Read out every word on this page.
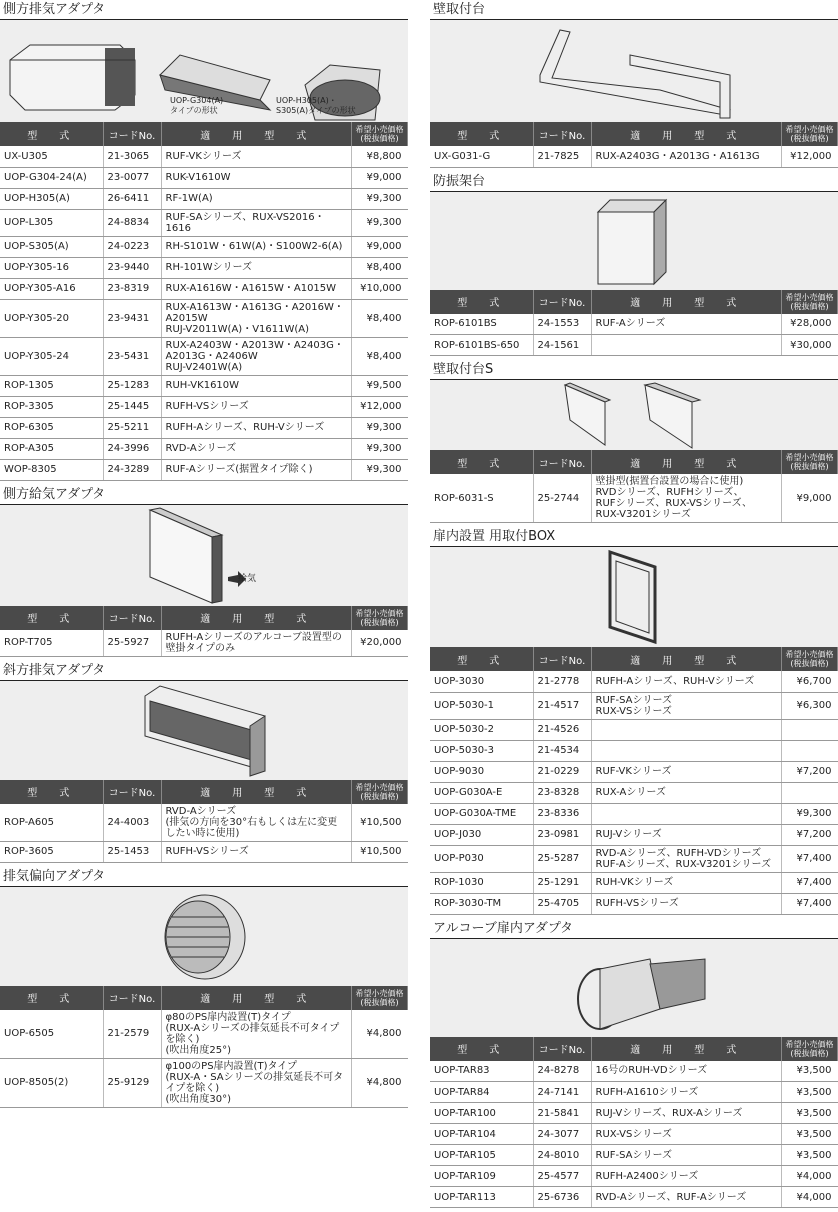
側方排気アダプタ
UOP-G304(A)
タイプの形状
UOP-H305(A)・
S305(A)タイプの形状
型　式	コードNo.	適　用　型　式	希望小売価格
(税抜価格)

UX-U305	21-3065	RUF-VKシリーズ	¥8,800
UOP-G304-24(A)	23-0077	RUK-V1610W	¥9,000
UOP-H305(A)	26-6411	RF-1W(A)	¥9,300
UOP-L305	24-8834	RUF-SAシリーズ、RUX-VS2016・1616	¥9,300
UOP-S305(A)	24-0223	RH-S101W・61W(A)・S100W2-6(A)	¥9,000
UOP-Y305-16	23-9440	RH-101Wシリーズ	¥8,400
UOP-Y305-A16	23-8319	RUX-A1616W・A1615W・A1015W	¥10,000
UOP-Y305-20	23-9431	RUX-A1613W・A1613G・A2016W・
A2015W
RUJ-V2011W(A)・V1611W(A)	¥8,400
UOP-Y305-24	23-5431	RUX-A2403W・A2013W・A2403G・
A2013G・A2406W
RUJ-V2401W(A)	¥8,400
ROP-1305	25-1283	RUH-VK1610W	¥9,500
ROP-3305	25-1445	RUFH-VSシリーズ	¥12,000
ROP-6305	25-5211	RUFH-Aシリーズ、RUH-Vシリーズ	¥9,300
ROP-A305	24-3996	RVD-Aシリーズ	¥9,300
WOP-8305	24-3289	RUF-Aシリーズ(据置タイプ除く)	¥9,300
側方給気アダプタ
給気
型　式	コードNo.	適　用　型　式	希望小売価格
(税抜価格)

ROP-T705	25-5927	RUFH-Aシリーズのアルコーブ設置型の
壁掛タイプのみ	¥20,000
斜方排気アダプタ
型　式	コードNo.	適　用　型　式	希望小売価格
(税抜価格)

ROP-A605	24-4003	RVD-Aシリーズ
(排気の方向を30°右もしくは左に変更したい時に使用)	¥10,500
ROP-3605	25-1453	RUFH-VSシリーズ	¥10,500
排気偏向アダプタ
型　式	コードNo.	適　用　型　式	希望小売価格
(税抜価格)

UOP-6505	21-2579	φ80のPS扉内設置(T)タイプ
(RUX-Aシリーズの排気延長不可タイプを除く)
(吹出角度25°)	¥4,800
UOP-8505(2)	25-9129	φ100のPS扉内設置(T)タイプ
(RUX-A・SAシリーズの排気延長不可タイプを除く)
(吹出角度30°)	¥4,800
壁取付台
型　式	コードNo.	適　用　型　式	希望小売価格
(税抜価格)

UX-G031-G	21-7825	RUX-A2403G・A2013G・A1613G	¥12,000
防振架台
型　式	コードNo.	適　用　型　式	希望小売価格
(税抜価格)

ROP-6101BS	24-1553	RUF-Aシリーズ	¥28,000
ROP-6101BS-650	24-1561		¥30,000
壁取付台S
型　式	コードNo.	適　用　型　式	希望小売価格
(税抜価格)

ROP-6031-S	25-2744	壁掛型(据置台設置の場合に使用)
RVDシリーズ、RUFHシリーズ、
RUFシリーズ、RUX-VSシリーズ、
RUX-V3201シリーズ	¥9,000
扉内設置 用取付BOX
型　式	コードNo.	適　用　型　式	希望小売価格
(税抜価格)

UOP-3030	21-2778	RUFH-Aシリーズ、RUH-Vシリーズ	¥6,700
UOP-5030-1	21-4517	RUF-SAシリーズ
RUX-VSシリーズ	¥6,300
UOP-5030-2	21-4526		
UOP-5030-3	21-4534		
UOP-9030	21-0229	RUF-VKシリーズ	¥7,200
UOP-G030A-E	23-8328	RUX-Aシリーズ	
UOP-G030A-TME	23-8336		¥9,300
UOP-J030	23-0981	RUJ-Vシリーズ	¥7,200
UOP-P030	25-5287	RVD-Aシリーズ、RUFH-VDシリーズ
RUF-Aシリーズ、RUX-V3201シリーズ	¥7,400
ROP-1030	25-1291	RUH-VKシリーズ	¥7,400
ROP-3030-TM	25-4705	RUFH-VSシリーズ	¥7,400
アルコーブ扉内アダプタ
型　式	コードNo.	適　用　型　式	希望小売価格
(税抜価格)

UOP-TAR83	24-8278	16号のRUH-VDシリーズ	¥3,500
UOP-TAR84	24-7141	RUFH-A1610シリーズ	¥3,500
UOP-TAR100	21-5841	RUJ-Vシリーズ、RUX-Aシリーズ	¥3,500
UOP-TAR104	24-3077	RUX-VSシリーズ	¥3,500
UOP-TAR105	24-8010	RUF-SAシリーズ	¥3,500
UOP-TAR109	25-4577	RUFH-A2400シリーズ	¥4,000
UOP-TAR113	25-6736	RVD-Aシリーズ、RUF-Aシリーズ	¥4,000
